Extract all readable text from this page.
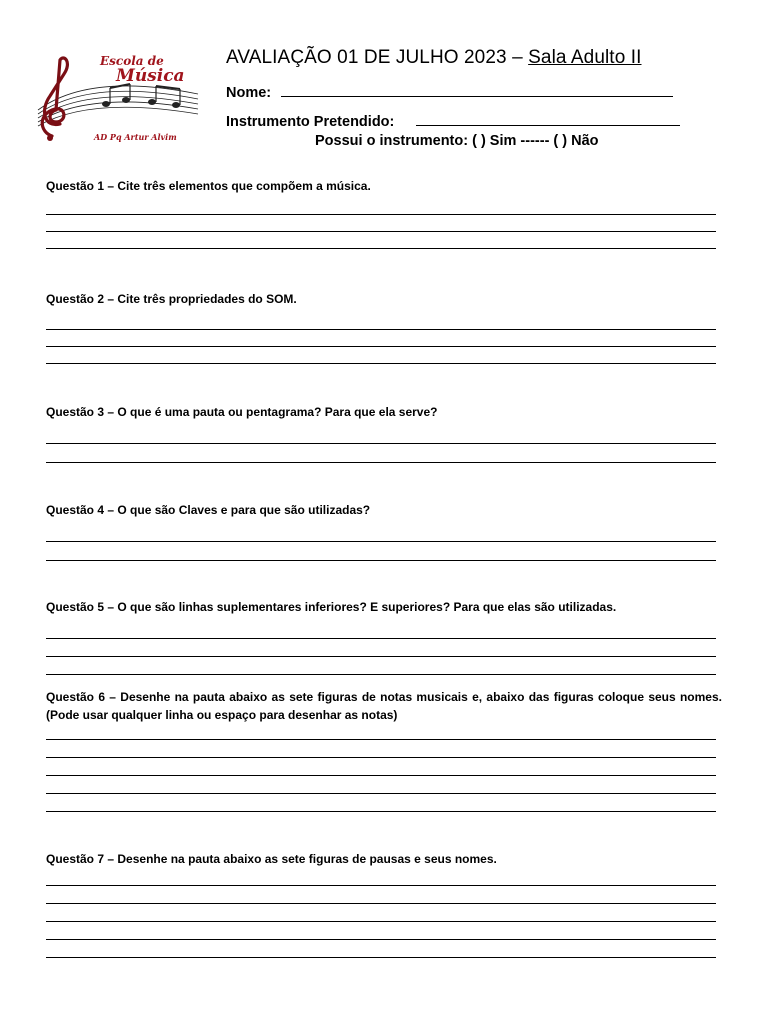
Escola de
Música
AD Pq Artur Alvim
AVALIAÇÃO 01 DE JULHO 2023 – Sala Adulto II
Nome:
Instrumento Pretendido:
Possui o instrumento: ( ) Sim ------ ( ) Não
Questão 1 – Cite três elementos que compõem a música.
Questão 2 – Cite três propriedades do SOM.
Questão 3 – O que é uma pauta ou pentagrama? Para que ela serve?
Questão 4 – O que são Claves e para que são utilizadas?
Questão 5 – O que são linhas suplementares inferiores? E superiores? Para que elas são utilizadas.
Questão 6 – Desenhe na pauta abaixo as sete figuras de notas musicais e, abaixo das figuras coloque seus nomes. (Pode usar qualquer linha ou espaço para desenhar as notas)
Questão 7 – Desenhe na pauta abaixo as sete figuras de pausas e seus nomes.
